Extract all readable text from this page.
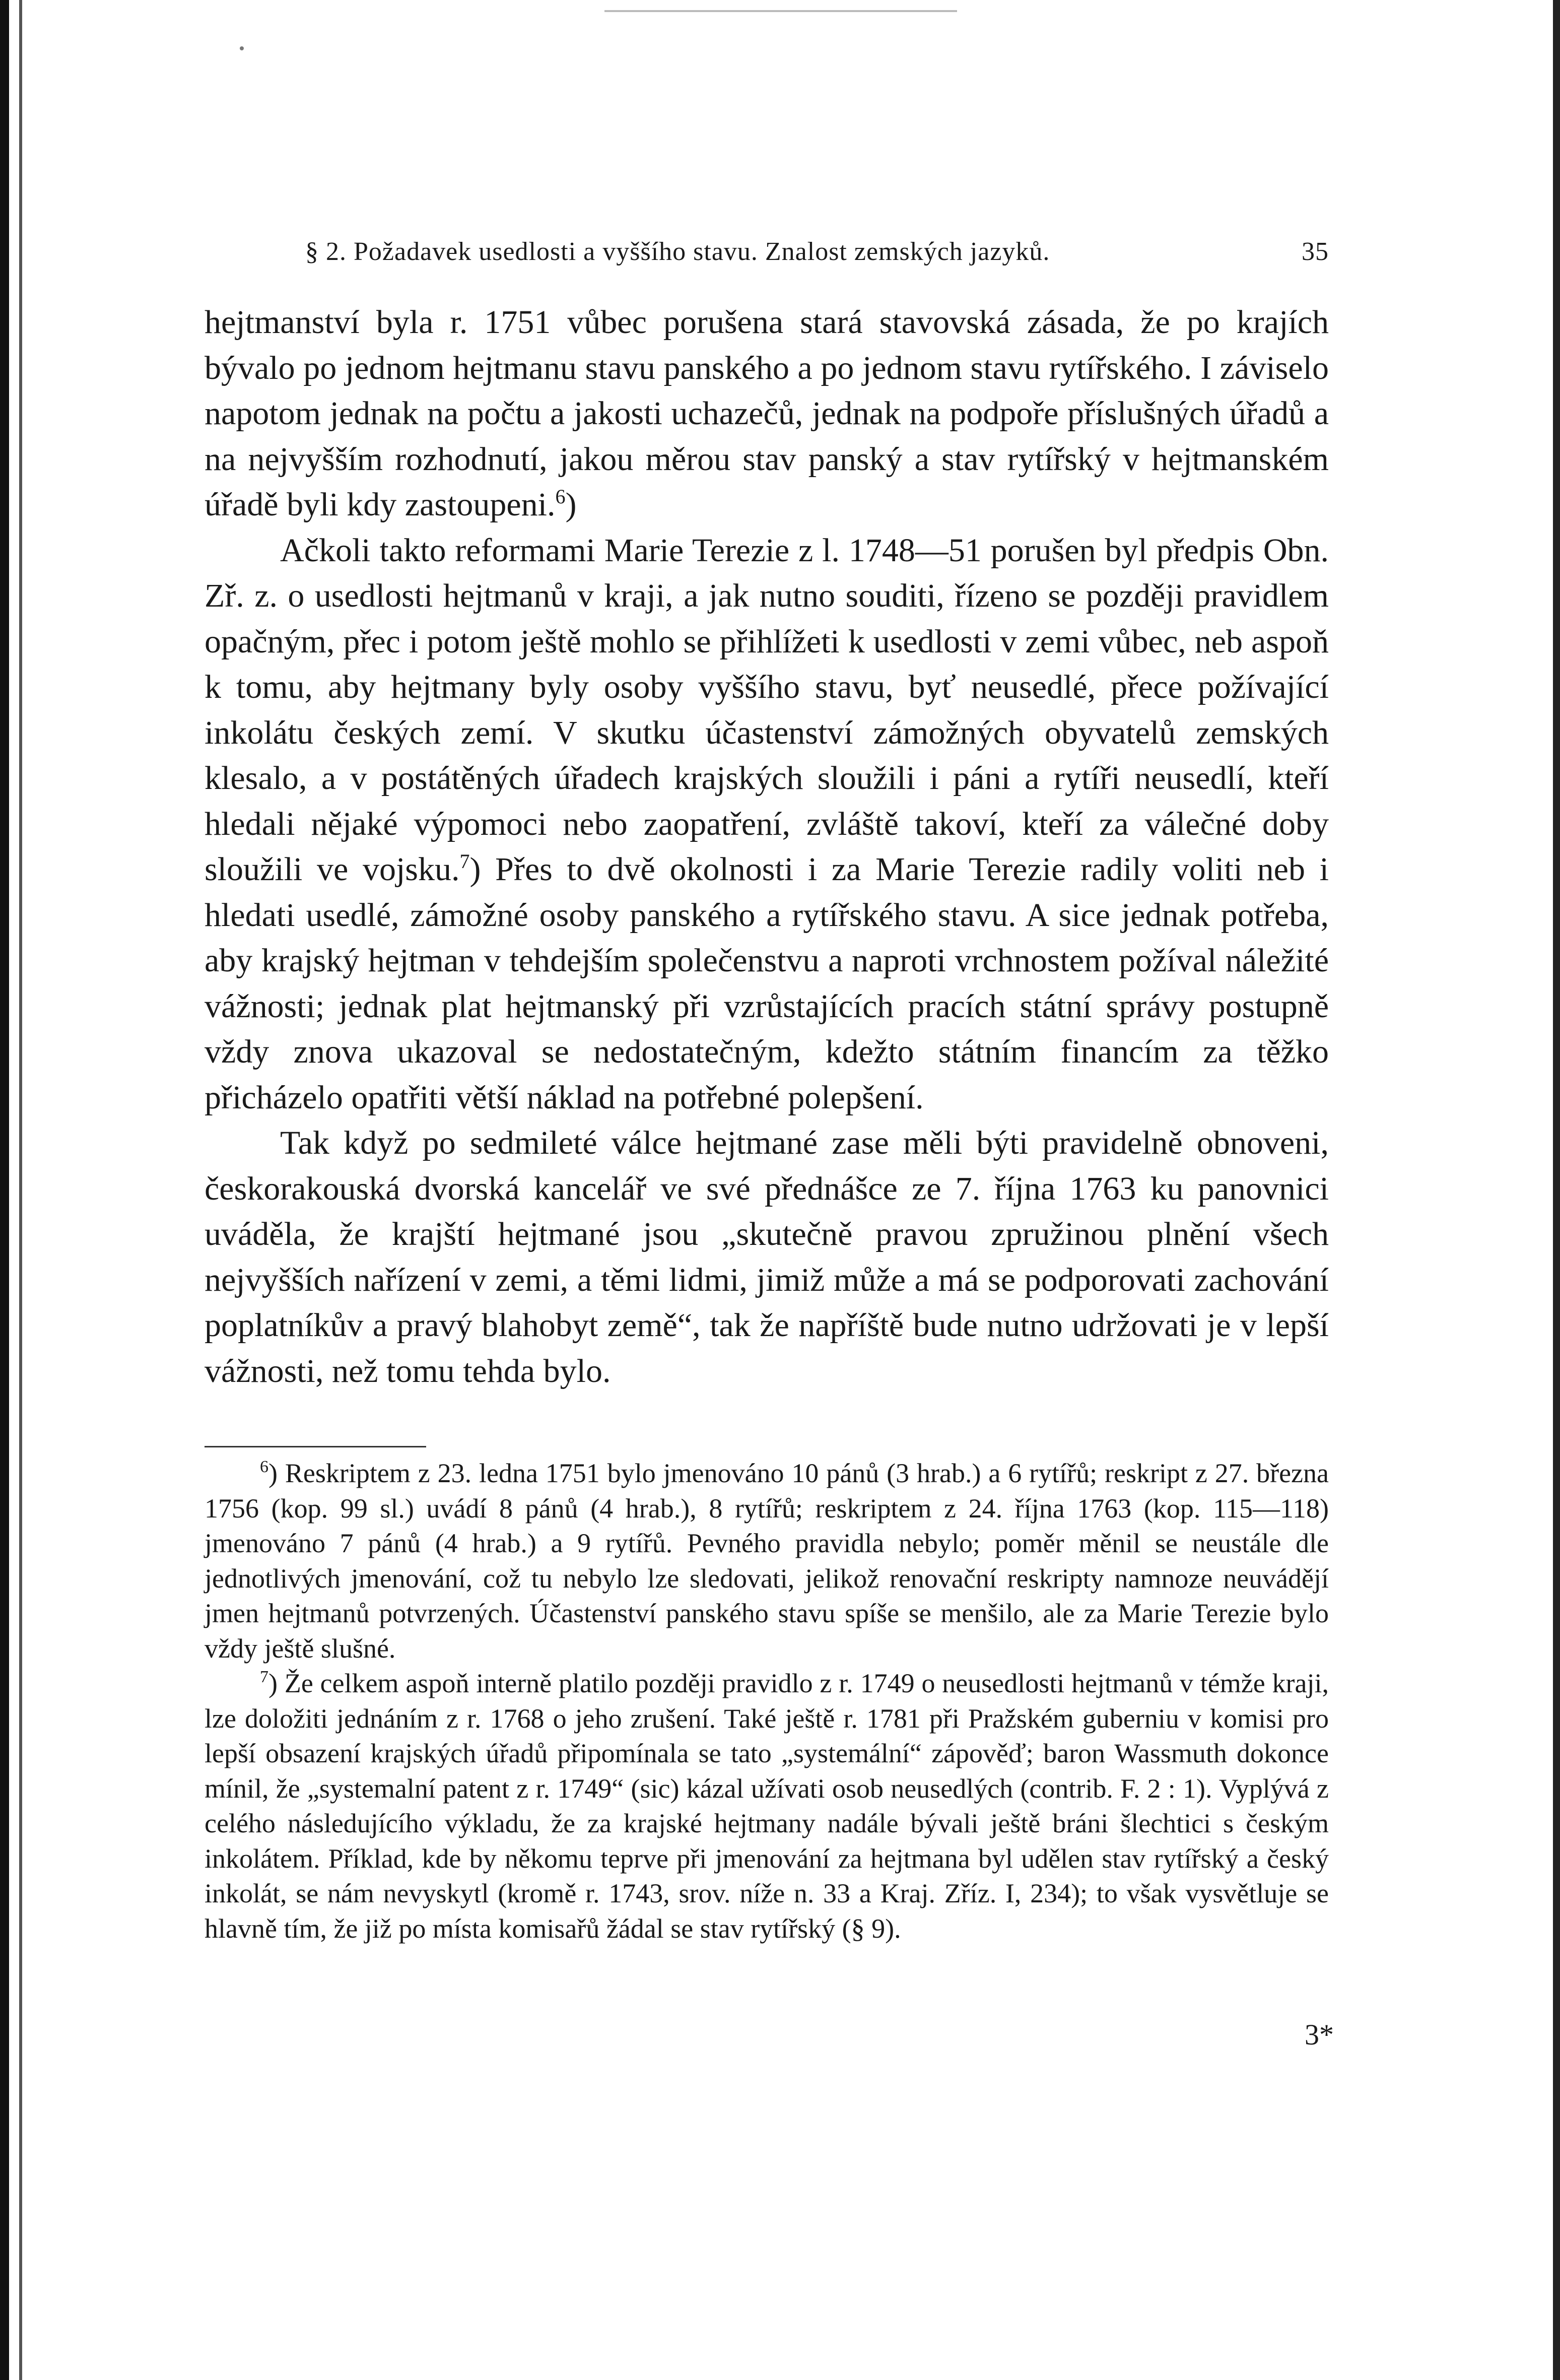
§ 2. Požadavek usedlosti a vyššího stavu. Znalost zemských jazyků.	35

hejtmanství byla r. 1751 vůbec porušena stará stavovská zásada, že po krajích bývalo po jednom hejtmanu stavu panského a po jednom stavu rytířského. I záviselo napotom jednak na počtu a jakosti uchazečů, jednak na podpoře příslušných úřadů a na nejvyšším rozhodnutí, jakou měrou stav panský a stav rytířský v hejtmanském úřadě byli kdy zastoupeni.$^6$)

Ačkoli takto reformami Marie Terezie z l. 1748—51 porušen byl předpis Obn. Zř. z. o usedlosti hejtmanů v kraji, a jak nutno souditi, řízeno se později pravidlem opačným, přec i potom ještě mohlo se přihlížeti k usedlosti v zemi vůbec, neb aspoň k tomu, aby hejtmany byly osoby vyššího stavu, byť neusedlé, přece požívající inkolátu českých zemí. V skutku účastenství zámožných obyvatelů zemských klesalo, a v postátěných úřadech krajských sloužili i páni a rytíři neusedlí, kteří hledali nějaké výpomoci nebo zaopatření, zvláště takoví, kteří za válečné doby sloužili ve vojsku.$^7$) Přes to dvě okolnosti i za Marie Terezie radily voliti neb i hledati usedlé, zámožné osoby panského a rytířského stavu. A sice jednak potřeba, aby krajský hejtman v tehdejším společenstvu a naproti vrchnostem požíval náležité vážnosti; jednak plat hejtmanský při vzrůstajících pracích státní správy postupně vždy znova ukazoval se nedostatečným, kdežto státním financím za těžko přicházelo opatřiti větší náklad na potřebné polepšení.

Tak když po sedmileté válce hejtmané zase měli býti pravidelně obnoveni, českorakouská dvorská kancelář ve své přednášce ze 7. října 1763 ku panovnici uváděla, že krajští hejtmané jsou „skutečně pravou zpružinou plnění všech nejvyšších nařízení v zemi, a těmi lidmi, jimiž může a má se podporovati zachování poplatníkův a pravý blahobyt země“, tak že napříště bude nutno udržovati je v lepší vážnosti, než tomu tehda bylo.

$^6$) Reskriptem z 23. ledna 1751 bylo jmenováno 10 pánů (3 hrab.) a 6 rytířů; reskript z 27. března 1756 (kop. 99 sl.) uvádí 8 pánů (4 hrab.), 8 rytířů; reskriptem z 24. října 1763 (kop. 115—118) jmenováno 7 pánů (4 hrab.) a 9 rytířů. Pevného pravidla nebylo; poměr měnil se neustále dle jednotlivých jmenování, což tu nebylo lze sledovati, jelikož renovační reskripty namnoze neuvádějí jmen hejtmanů potvrzených. Účastenství panského stavu spíše se menšilo, ale za Marie Terezie bylo vždy ještě slušné.

$^7$) Že celkem aspoň interně platilo později pravidlo z r. 1749 o neusedlosti hejtmanů v témže kraji, lze doložiti jednáním z r. 1768 o jeho zrušení. Také ještě r. 1781 při Pražském guberniu v komisi pro lepší obsazení krajských úřadů připomínala se tato „systemální“ zápověď; baron Wassmuth dokonce mínil, že „systemalní patent z r. 1749“ (sic) kázal užívati osob neusedlých (contrib. F. 2 : 1). Vyplývá z celého následujícího výkladu, že za krajské hejtmany nadále bývali ještě bráni šlechtici s českým inkolátem. Příklad, kde by někomu teprve při jmenování za hejtmana byl udělen stav rytířský a český inkolát, se nám nevyskytl (kromě r. 1743, srov. níže n. 33 a Kraj. Zříz. I, 234); to však vysvětluje se hlavně tím, že již po místa komisařů žádal se stav rytířský (§ 9).

3*
